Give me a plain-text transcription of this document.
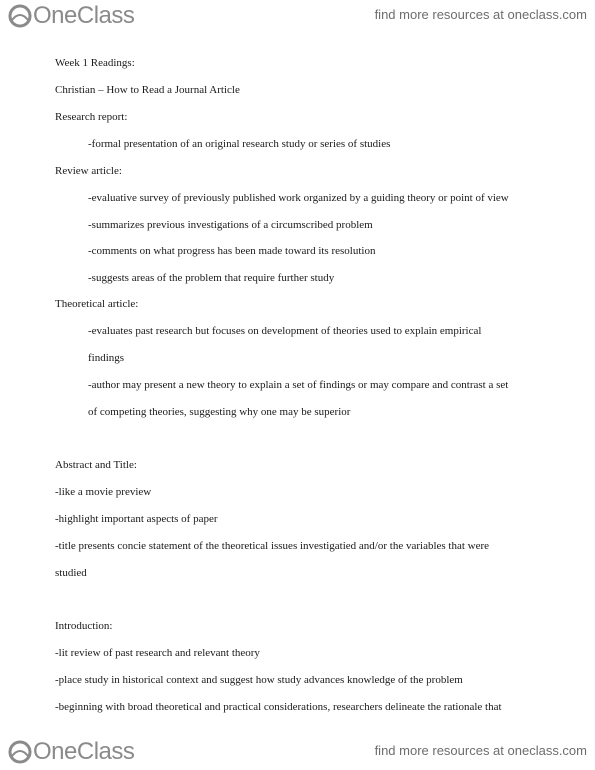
OneClass	find more resources at oneclass.com
Week 1 Readings:
Christian – How to Read a Journal Article
Research report:
-formal presentation of an original research study or series of studies
Review article:
-evaluative survey of previously published work organized by a guiding theory or point of view
-summarizes previous investigations of a circumscribed problem
-comments on what progress has been made toward its resolution
-suggests areas of the problem that require further study
Theoretical article:
-evaluates past research but focuses on development of theories used to explain empirical
findings
-author may present a new theory to explain a set of findings or may compare and contrast a set
of competing theories, suggesting why one may be superior
Abstract and Title:
-like a movie preview
-highlight important aspects of paper
-title presents concie statement of the theoretical issues investigatied and/or the variables that were
studied
Introduction:
-lit review of past research and relevant theory
-place study in historical context and suggest how study advances knowledge of the problem
-beginning with broad theoretical and practical considerations, researchers delineate the rationale that
OneClass	find more resources at oneclass.com
